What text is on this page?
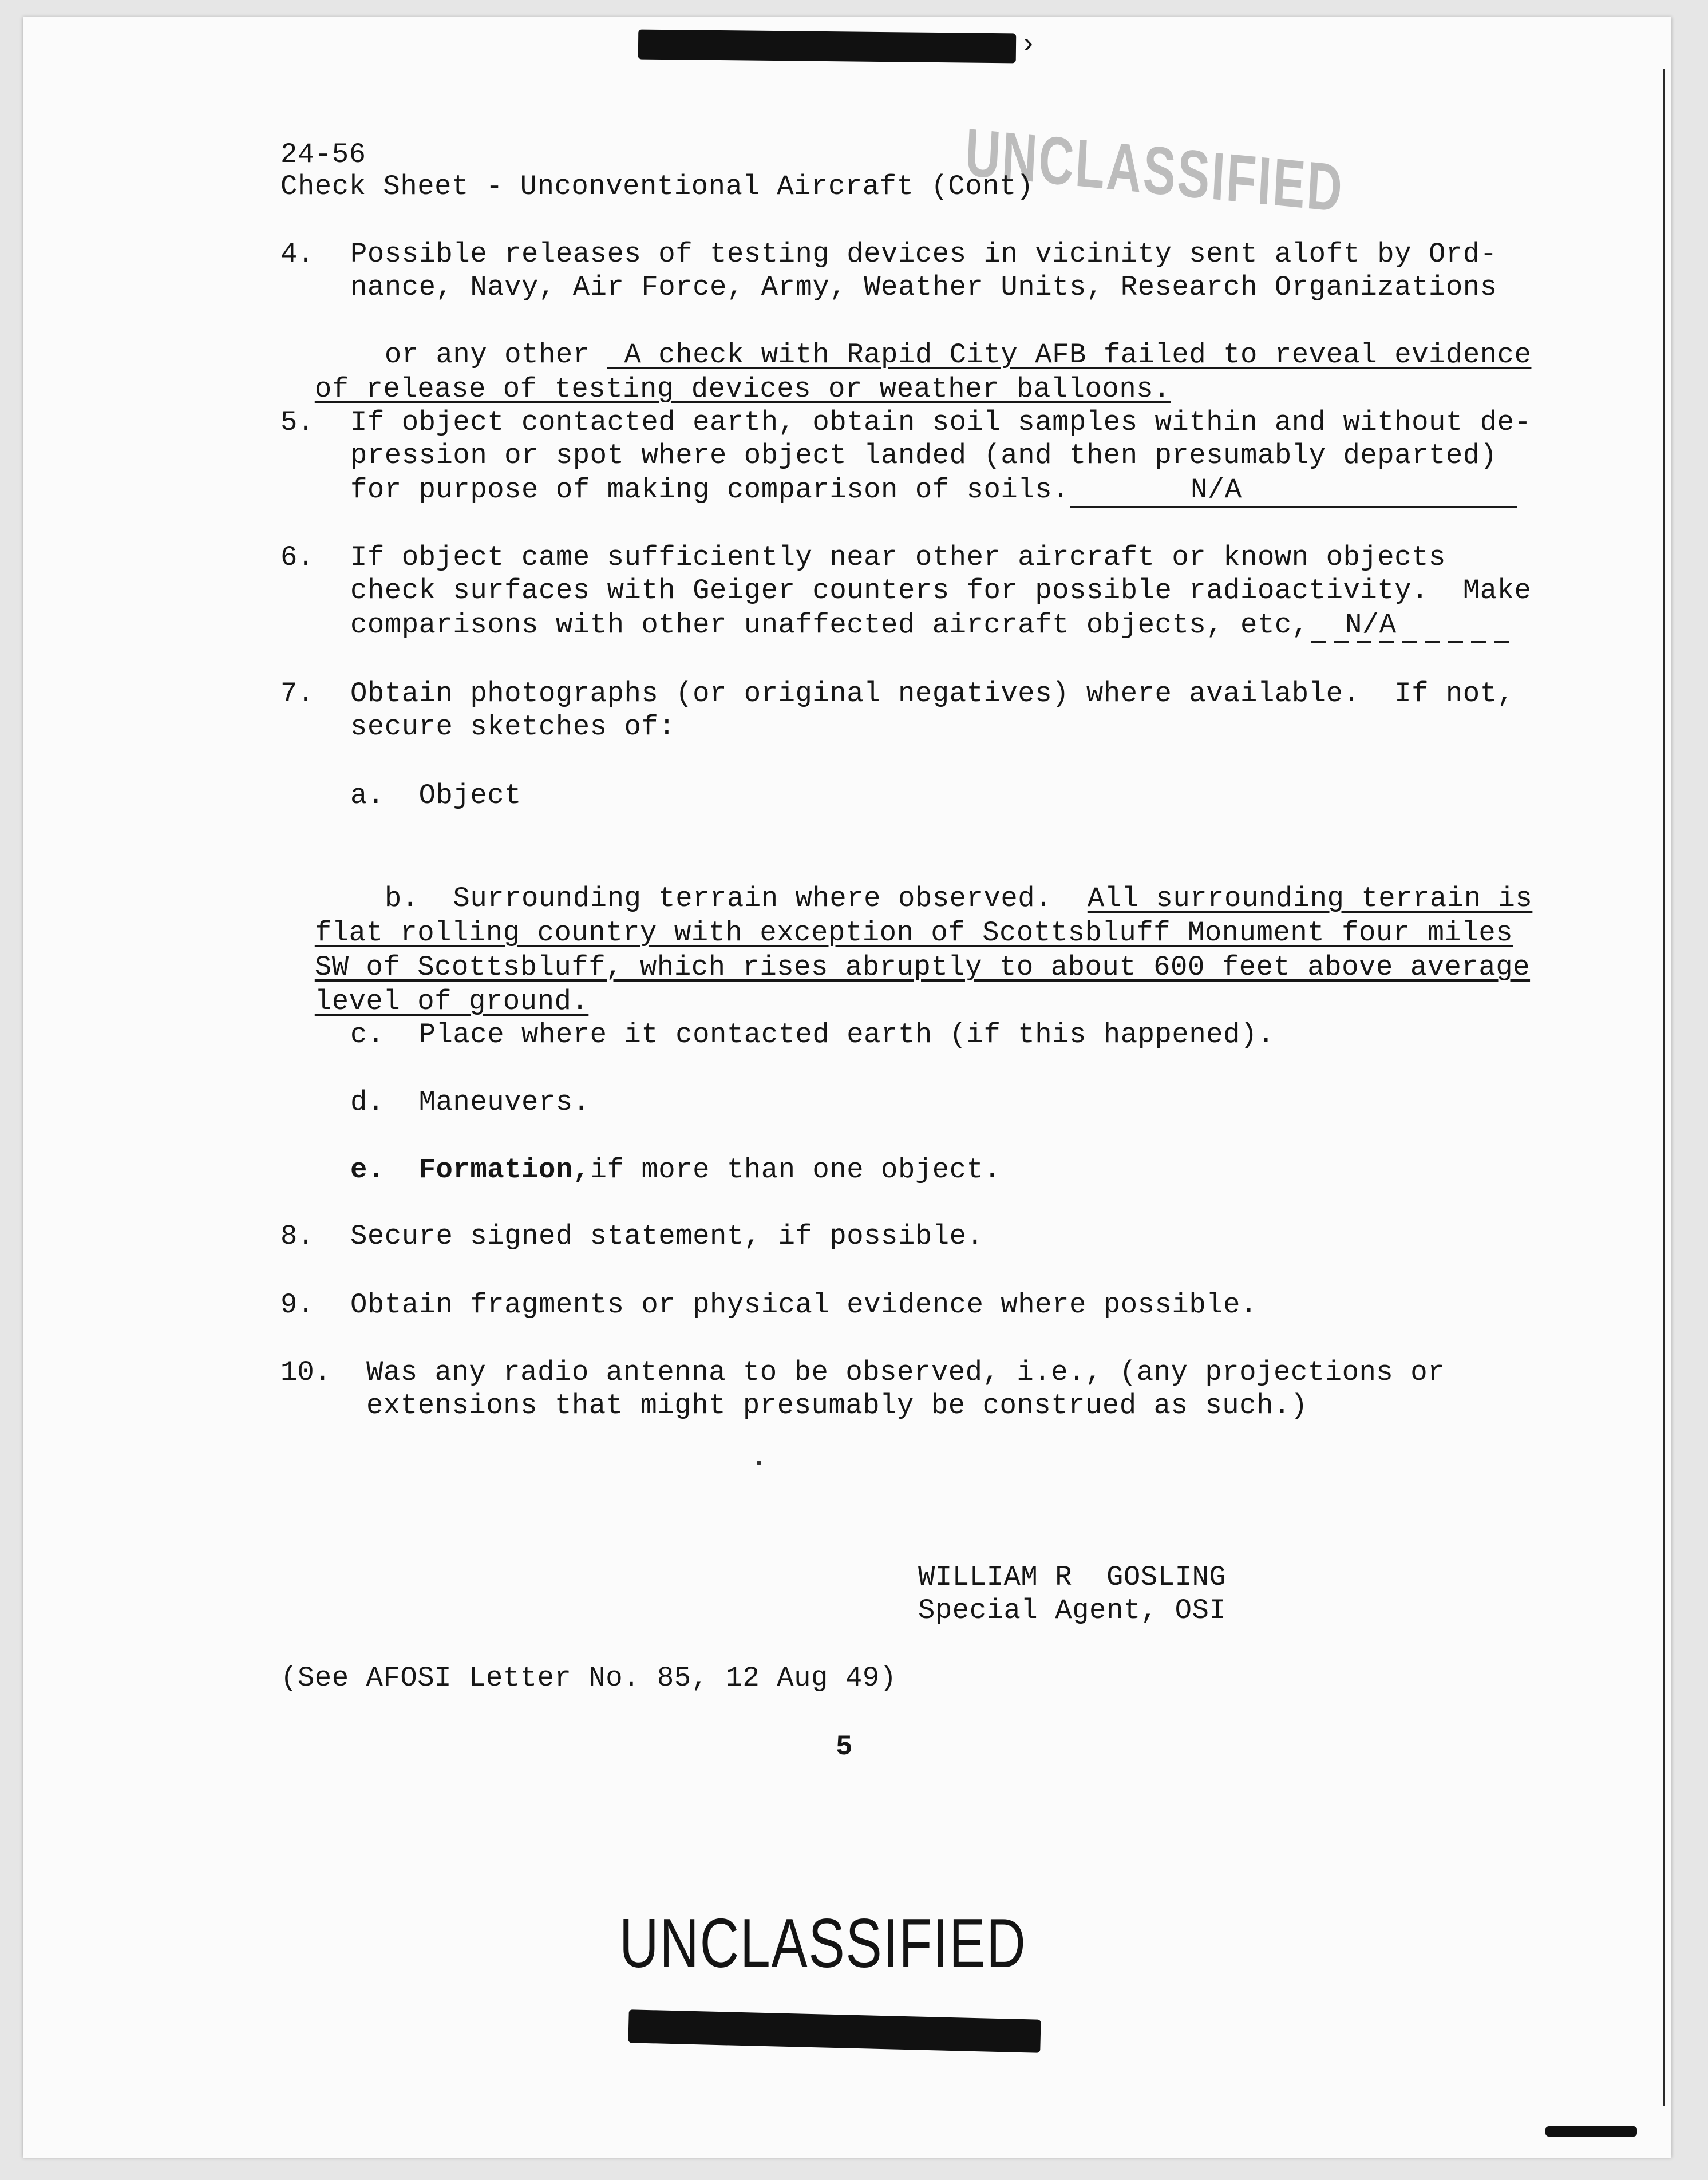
›
UNCLASSIFIED
24-56
Check Sheet - Unconventional Aircraft (Cont)
4. Possible releases of testing devices in vicinity sent aloft by Ord-
nance, Navy, Air Force, Army, Weather Units, Research Organizations

or any other  A check with Rapid City AFB failed to reveal evidence

of release of testing devices or weather balloons.

5. If object contacted earth, obtain soil samples within and without de-
pression or spot where object landed (and then presumably departed)
for purpose of making comparison of soils.	N/A
6. If object came sufficiently near other aircraft or known objects
check surfaces with Geiger counters for possible radioactivity.  Make
comparisons with other unaffected aircraft objects, etc, N/A
7. Obtain photographs (or original negatives) where available.  If not,
secure sketches of:
a.  Object

b.  Surrounding terrain where observed.	All surrounding terrain is

flat rolling country with exception of Scottsbluff Monument four miles

SW of Scottsbluff, which rises abruptly to about 600 feet above average

level of ground.

c.  Place where it contacted earth (if this happened).
d.  Maneuvers.
e.  Formation,if more than one object.
8. Secure signed statement, if possible.
9. Obtain fragments or physical evidence where possible.
10. Was any radio antenna to be observed, i.e., (any projections or
extensions that might presumably be construed as such.)
WILLIAM R  GOSLING
Special Agent, OSI
(See AFOSI Letter No. 85, 12 Aug 49)
5
UNCLASSIFIED
